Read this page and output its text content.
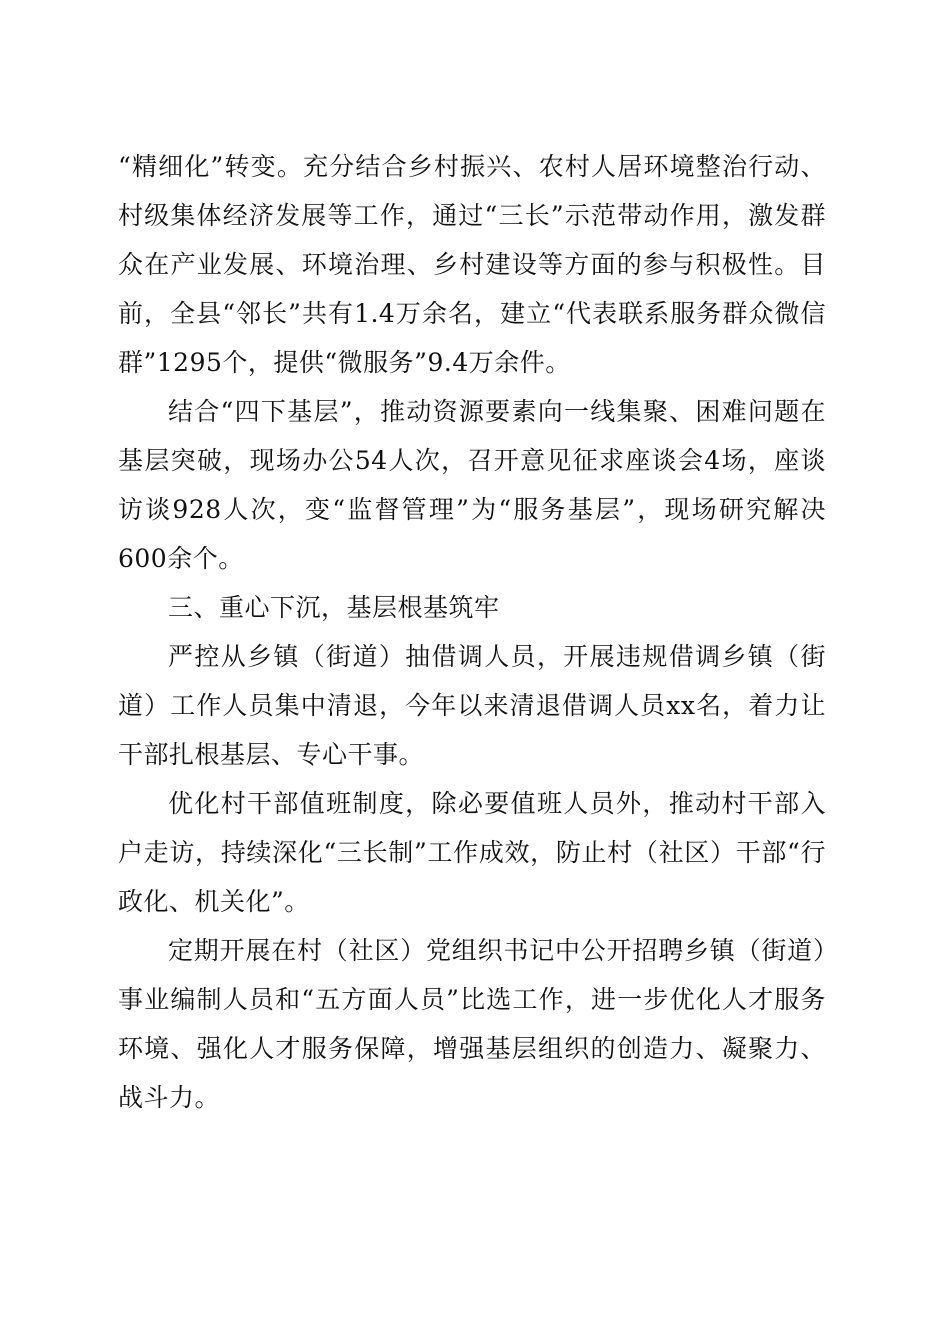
“精细化”转变。充分结合乡村振兴、农村人居环境整治行动、村级集体经济发展等工作，通过“三长”示范带动作用，激发群众在产业发展、环境治理、乡村建设等方面的参与积极性。目前，全县“邻长”共有1.4万余名，建立“代表联系服务群众微信群”1295个，提供“微服务”9.4万余件。

结合“四下基层”，推动资源要素向一线集聚、困难问题在基层突破，现场办公54人次，召开意见征求座谈会4场，座谈访谈928人次，变“监督管理”为“服务基层”，现场研究解决600余个。

三、重心下沉，基层根基筑牢

严控从乡镇（街道）抽借调人员，开展违规借调乡镇（街道）工作人员集中清退，今年以来清退借调人员xx名，着力让干部扎根基层、专心干事。

优化村干部值班制度，除必要值班人员外，推动村干部入户走访，持续深化“三长制”工作成效，防止村（社区）干部“行政化、机关化”。

定期开展在村（社区）党组织书记中公开招聘乡镇（街道）事业编制人员和“五方面人员”比选工作，进一步优化人才服务环境、强化人才服务保障，增强基层组织的创造力、凝聚力、战斗力。
